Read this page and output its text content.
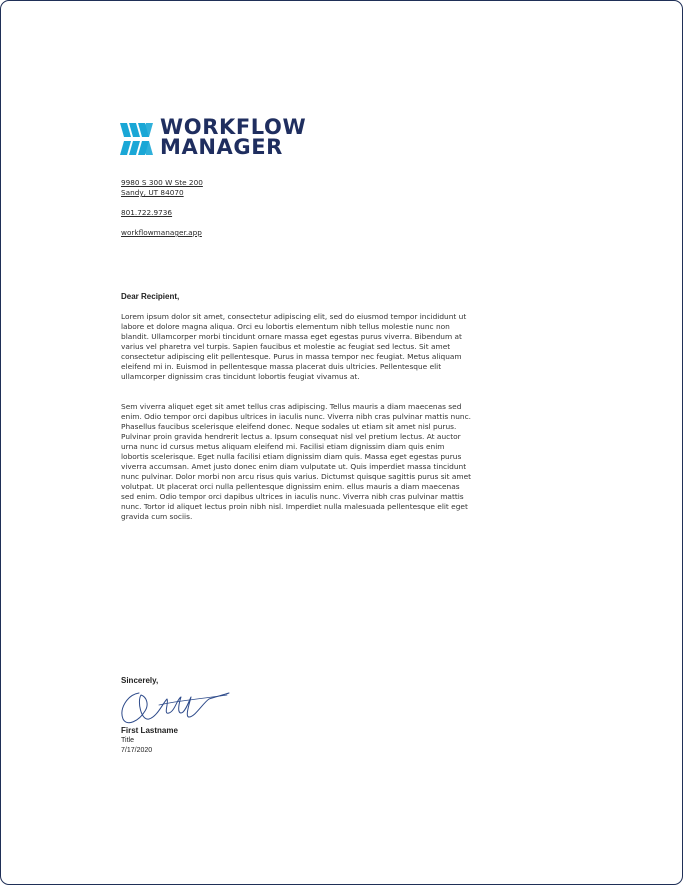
WORKFLOW
MANAGER
9980 S 300 W Ste 200
Sandy, UT 84070
801.722.9736
workflowmanager.app
Dear Recipient,

Lorem ipsum dolor sit amet, consectetur adipiscing elit, sed do eiusmod tempor incididunt ut labore et dolore magna aliqua. Orci eu lobortis elementum nibh tellus molestie nunc non blandit. Ullamcorper morbi tincidunt ornare massa eget egestas purus viverra. Bibendum at varius vel pharetra vel turpis. Sapien faucibus et molestie ac feugiat sed lectus. Sit amet consectetur adipiscing elit pellentesque. Purus in massa tempor nec feugiat. Metus aliquam eleifend mi in. Euismod in pellentesque massa placerat duis ultricies. Pellentesque elit ullamcorper dignissim cras tincidunt lobortis feugiat vivamus at.

Sem viverra aliquet eget sit amet tellus cras adipiscing. Tellus mauris a diam maecenas sed enim. Odio tempor orci dapibus ultrices in iaculis nunc. Viverra nibh cras pulvinar mattis nunc. Phasellus faucibus scelerisque eleifend donec. Neque sodales ut etiam sit amet nisl purus. Pulvinar proin gravida hendrerit lectus a. Ipsum consequat nisl vel pretium lectus. At auctor urna nunc id cursus metus aliquam eleifend mi. Facilisi etiam dignissim diam quis enim lobortis scelerisque. Eget nulla facilisi etiam dignissim diam quis. Massa eget egestas purus viverra accumsan. Amet justo donec enim diam vulputate ut. Quis imperdiet massa tincidunt nunc pulvinar. Dolor morbi non arcu risus quis varius. Dictumst quisque sagittis purus sit amet volutpat. Ut placerat orci nulla pellentesque dignissim enim. ellus mauris a diam maecenas sed enim. Odio tempor orci dapibus ultrices in iaculis nunc. Viverra nibh cras pulvinar mattis nunc. Tortor id aliquet lectus proin nibh nisl. Imperdiet nulla malesuada pellentesque elit eget gravida cum sociis.

Sincerely,
First Lastname
Title
7/17/2020
